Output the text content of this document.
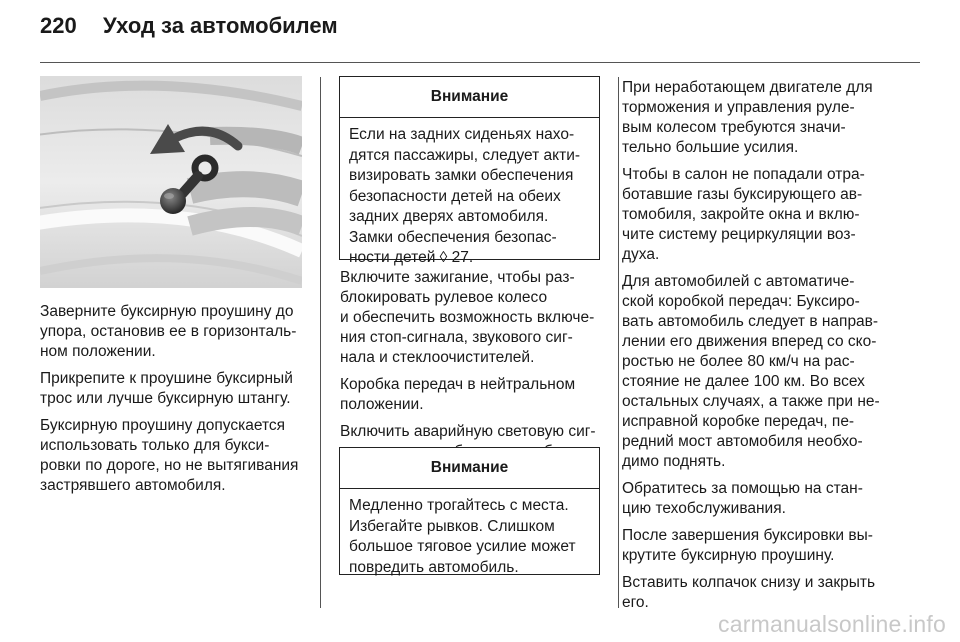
220 Уход за автомобилем

Заверните буксирную проушину до
упора, остановив ее в горизонталь-
ном положении.

Прикрепите к проушине буксирный
трос или лучше буксирную штангу.

Буксирную проушину допускается
использовать только для букси-
ровки по дороге, но не вытягивания
застрявшего автомобиля.

Внимание
Если на задних сиденьях нахо-
дятся пассажиры, следует акти-
визировать замки обеспечения
безопасности детей на обеих
задних дверях автомобиля.
Замки обеспечения безопас-
ности детей ◊ 27.

Включите зажигание, чтобы раз-
блокировать рулевое колесо
и обеспечить возможность включе-
ния стоп-сигнала, звукового сиг-
нала и стеклоочистителей.

Коробка передач в нейтральном
положении.

Включить аварийную световую сиг-

Внимание
Медленно трогайтесь с места.
Избегайте рывков. Слишком
большое тяговое усилие может
повредить автомобиль.

При неработающем двигателе для
торможения и управления руле-
вым колесом требуются значи-
тельно большие усилия.

Чтобы в салон не попадали отра-
ботавшие газы буксирующего ав-
томобиля, закройте окна и вклю-
чите систему рециркуляции воз-
духа.

Для автомобилей с автоматиче-
ской коробкой передач: Буксиро-
вать автомобиль следует в направ-
лении его движения вперед со ско-
ростью не более 80 км/ч на рас-
стояние не далее 100 км. Во всех
остальных случаях, а также при не-
исправной коробке передач, пе-
редний мост автомобиля необхо-
димо поднять.

Обратитесь за помощью на стан-
цию техобслуживания.

После завершения буксировки вы-
крутите буксирную проушину.

Вставить колпачок снизу и закрыть
его.

carmanualsonline.info
